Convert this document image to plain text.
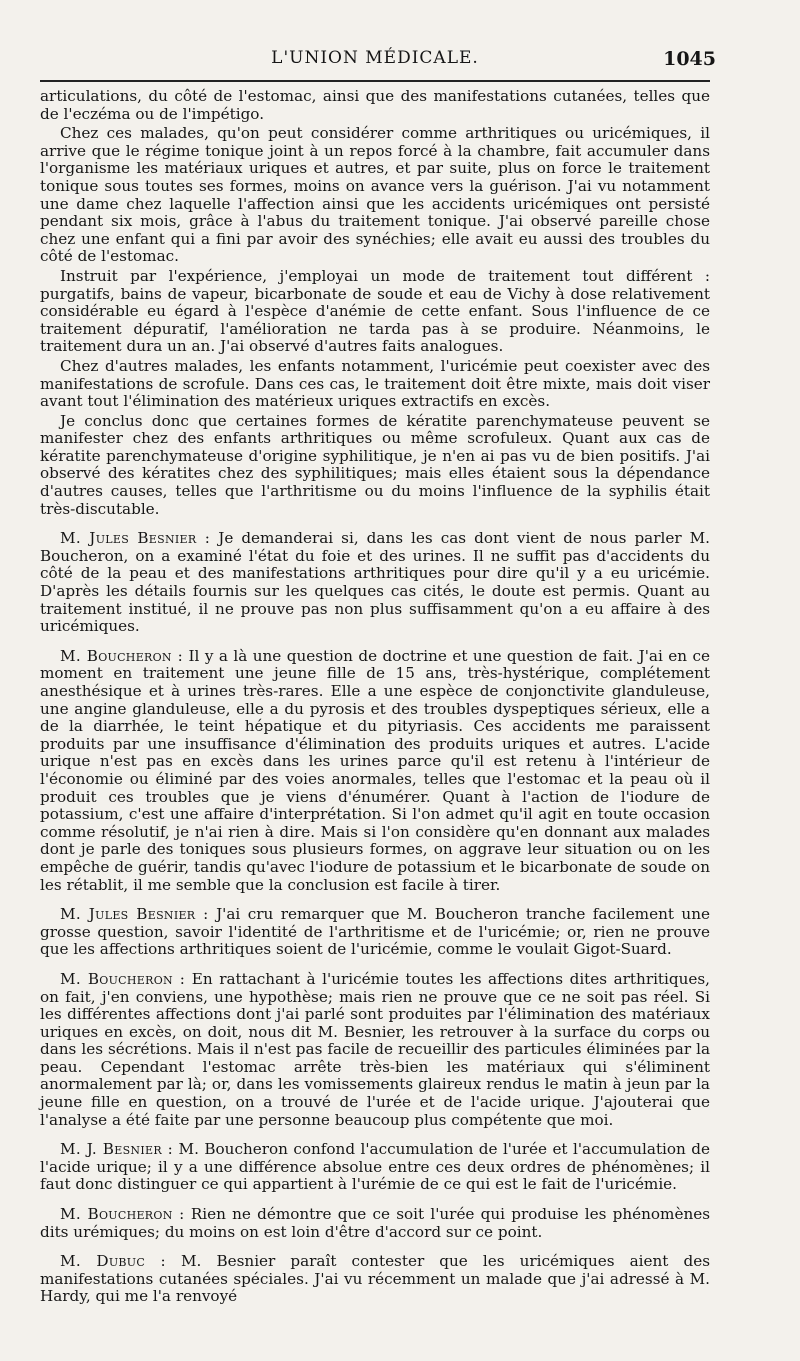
L'UNION MÉDICALE.	1045

articulations, du côté de l'estomac, ainsi que des manifestations cutanées, telles que de l'eczéma ou de l'impétigo.

Chez ces malades, qu'on peut considérer comme arthritiques ou uricémiques, il arrive que le régime tonique joint à un repos forcé à la chambre, fait accumuler dans l'organisme les matériaux uriques et autres, et par suite, plus on force le traitement tonique sous toutes ses formes, moins on avance vers la guérison. J'ai vu notamment une dame chez laquelle l'affection ainsi que les accidents uricémiques ont persisté pendant six mois, grâce à l'abus du traitement tonique. J'ai observé pareille chose chez une enfant qui a fini par avoir des synéchies; elle avait eu aussi des troubles du côté de l'estomac.

Instruit par l'expérience, j'employai un mode de traitement tout différent : purgatifs, bains de vapeur, bicarbonate de soude et eau de Vichy à dose relativement considérable eu égard à l'espèce d'anémie de cette enfant. Sous l'influence de ce traitement dépuratif, l'amélioration ne tarda pas à se produire. Néanmoins, le traitement dura un an. J'ai observé d'autres faits analogues.

Chez d'autres malades, les enfants notamment, l'uricémie peut coexister avec des manifestations de scrofule. Dans ces cas, le traitement doit être mixte, mais doit viser avant tout l'élimination des matérieux uriques extractifs en excès.

Je conclus donc que certaines formes de kératite parenchymateuse peuvent se manifester chez des enfants arthritiques ou même scrofuleux. Quant aux cas de kératite parenchymateuse d'origine syphilitique, je n'en ai pas vu de bien positifs. J'ai observé des kératites chez des syphilitiques; mais elles étaient sous la dépendance d'autres causes, telles que l'arthritisme ou du moins l'influence de la syphilis était très-discutable.

M. Jules Besnier : Je demanderai si, dans les cas dont vient de nous parler M. Boucheron, on a examiné l'état du foie et des urines. Il ne suffit pas d'accidents du côté de la peau et des manifestations arthritiques pour dire qu'il y a eu uricémie. D'après les détails fournis sur les quelques cas cités, le doute est permis. Quant au traitement institué, il ne prouve pas non plus suffisamment qu'on a eu affaire à des uricémiques.

M. Boucheron : Il y a là une question de doctrine et une question de fait. J'ai en ce moment en traitement une jeune fille de 15 ans, très-hystérique, complétement anesthésique et à urines très-rares. Elle a une espèce de conjonctivite glanduleuse, une angine glanduleuse, elle a du pyrosis et des troubles dyspeptiques sérieux, elle a de la diarrhée, le teint hépatique et du pityriasis. Ces accidents me paraissent produits par une insuffisance d'élimination des produits uriques et autres. L'acide urique n'est pas en excès dans les urines parce qu'il est retenu à l'intérieur de l'économie ou éliminé par des voies anormales, telles que l'estomac et la peau où il produit ces troubles que je viens d'énumérer. Quant à l'action de l'iodure de potassium, c'est une affaire d'interprétation. Si l'on admet qu'il agit en toute occasion comme résolutif, je n'ai rien à dire. Mais si l'on considère qu'en donnant aux malades dont je parle des toniques sous plusieurs formes, on aggrave leur situation ou on les empêche de guérir, tandis qu'avec l'iodure de potassium et le bicarbonate de soude on les rétablit, il me semble que la conclusion est facile à tirer.

M. Jules Besnier : J'ai cru remarquer que M. Boucheron tranche facilement une grosse question, savoir l'identité de l'arthritisme et de l'uricémie; or, rien ne prouve que les affections arthritiques soient de l'uricémie, comme le voulait Gigot-Suard.

M. Boucheron : En rattachant à l'uricémie toutes les affections dites arthritiques, on fait, j'en conviens, une hypothèse; mais rien ne prouve que ce ne soit pas réel. Si les différentes affections dont j'ai parlé sont produites par l'élimination des matériaux uriques en excès, on doit, nous dit M. Besnier, les retrouver à la surface du corps ou dans les sécrétions. Mais il n'est pas facile de recueillir des particules éliminées par la peau. Cependant l'estomac arrête très-bien les matériaux qui s'éliminent anormalement par là; or, dans les vomissements glaireux rendus le matin à jeun par la jeune fille en question, on a trouvé de l'urée et de l'acide urique. J'ajouterai que l'analyse a été faite par une personne beaucoup plus compétente que moi.

M. J. Besnier : M. Boucheron confond l'accumulation de l'urée et l'accumulation de l'acide urique; il y a une différence absolue entre ces deux ordres de phénomènes; il faut donc distinguer ce qui appartient à l'urémie de ce qui est le fait de l'uricémie.

M. Boucheron : Rien ne démontre que ce soit l'urée qui produise les phénomènes dits urémiques; du moins on est loin d'être d'accord sur ce point.

M. Dubuc : M. Besnier paraît contester que les uricémiques aient des manifestations cutanées spéciales. J'ai vu récemment un malade que j'ai adressé à M. Hardy, qui me l'a renvoyé
